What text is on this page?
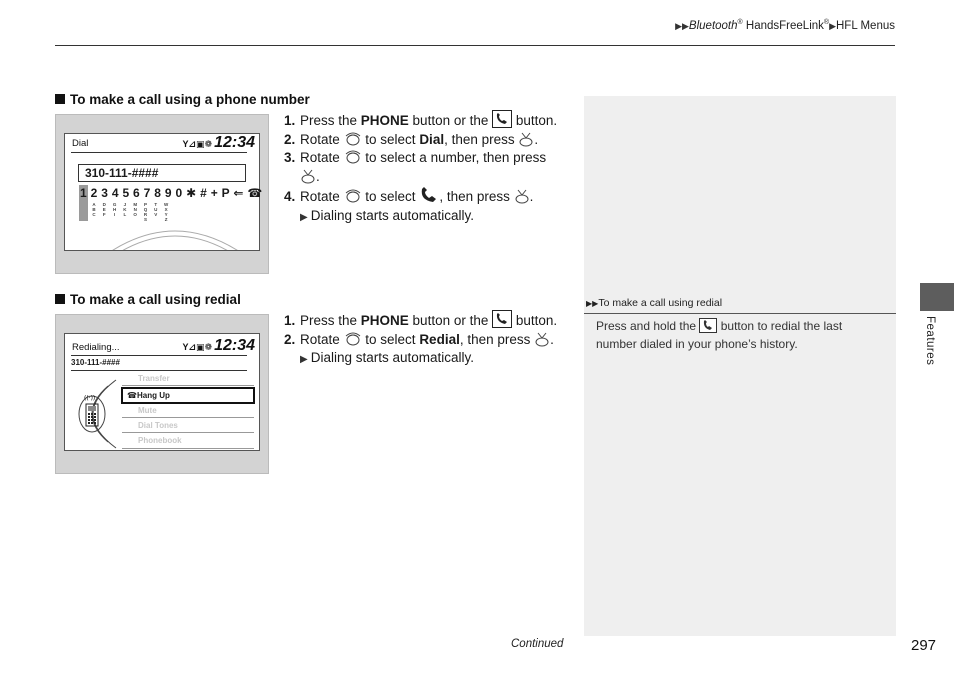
▶▶Bluetooth® HandsFreeLink®▶HFL Menus
Features
To make a call using a phone number
Dial	Y⊿▣❁ 12:34
310-111-####
1 2 3 4 5 6 7 8 9 0 ✱ # + P ⇐ ☎
A
B
C
D
E
F
G
H
I
J
K
L
M
N
O
P
Q
R
S
T
U
V
W
X
Y
Z
1. Press the PHONE button or the  button.
2. Rotate  to select Dial, then press .
3. Rotate  to select a number, then press
.
4. Rotate  to select , then press .
▶ Dialing starts automatically.
To make a call using redial
Redialing...	Y⊿▣❁ 12:34
310-111-####
((·))
Transfer
☎Hang Up
Mute
Dial Tones
Phonebook
1. Press the PHONE button or the  button.
2. Rotate  to select Redial, then press .
▶ Dialing starts automatically.
▶▶To make a call using redial
Press and hold the  button to redial the last number dialed in your phone’s history.
Continued	297
